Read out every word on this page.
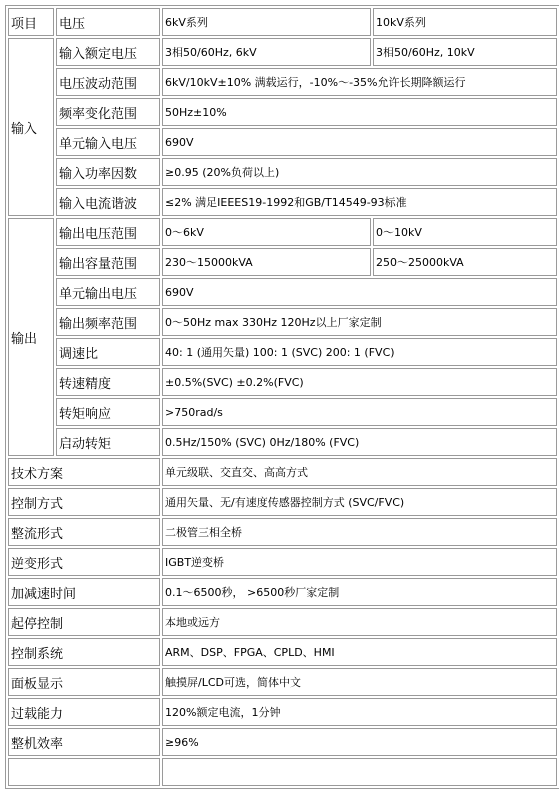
项目	电压	6kV系列	10kV系列
输入	输入额定电压	3相50/60Hz, 6kV	3相50/60Hz, 10kV
	电压波动范围	6kV/10kV±10% 满载运行，-10%～-35%允许长期降额运行	
	频率变化范围	50Hz±10%	
	单元输入电压	690V	
	输入功率因数	≥0.95 (20%负荷以上)	
	输入电流谐波	≤2% 满足IEEES19-1992和GB/T14549-93标准	
输出	输出电压范围	0～6kV	0～10kV
	输出容量范围	230～15000kVA	250～25000kVA
	单元输出电压	690V	
	输出频率范围	0～50Hz max 330Hz 120Hz以上厂家定制	
	调速比	40: 1 (通用矢量) 100: 1 (SVC) 200: 1 (FVC)	
	转速精度	±0.5%(SVC) ±0.2%(FVC)	
	转矩响应	>750rad/s	
	启动转矩	0.5Hz/150% (SVC) 0Hz/180% (FVC)	
技术方案		单元级联、交直交、高高方式	
控制方式		通用矢量、无/有速度传感器控制方式 (SVC/FVC)	
整流形式		二极管三相全桥	
逆变形式		IGBT逆变桥	
加减速时间		0.1～6500秒， >6500秒厂家定制	
起停控制		本地或远方	
控制系统		ARM、DSP、FPGA、CPLD、HMI	
面板显示		触摸屏/LCD可选，简体中文	
过载能力		120%额定电流，1分钟	
整机效率		≥96%	
